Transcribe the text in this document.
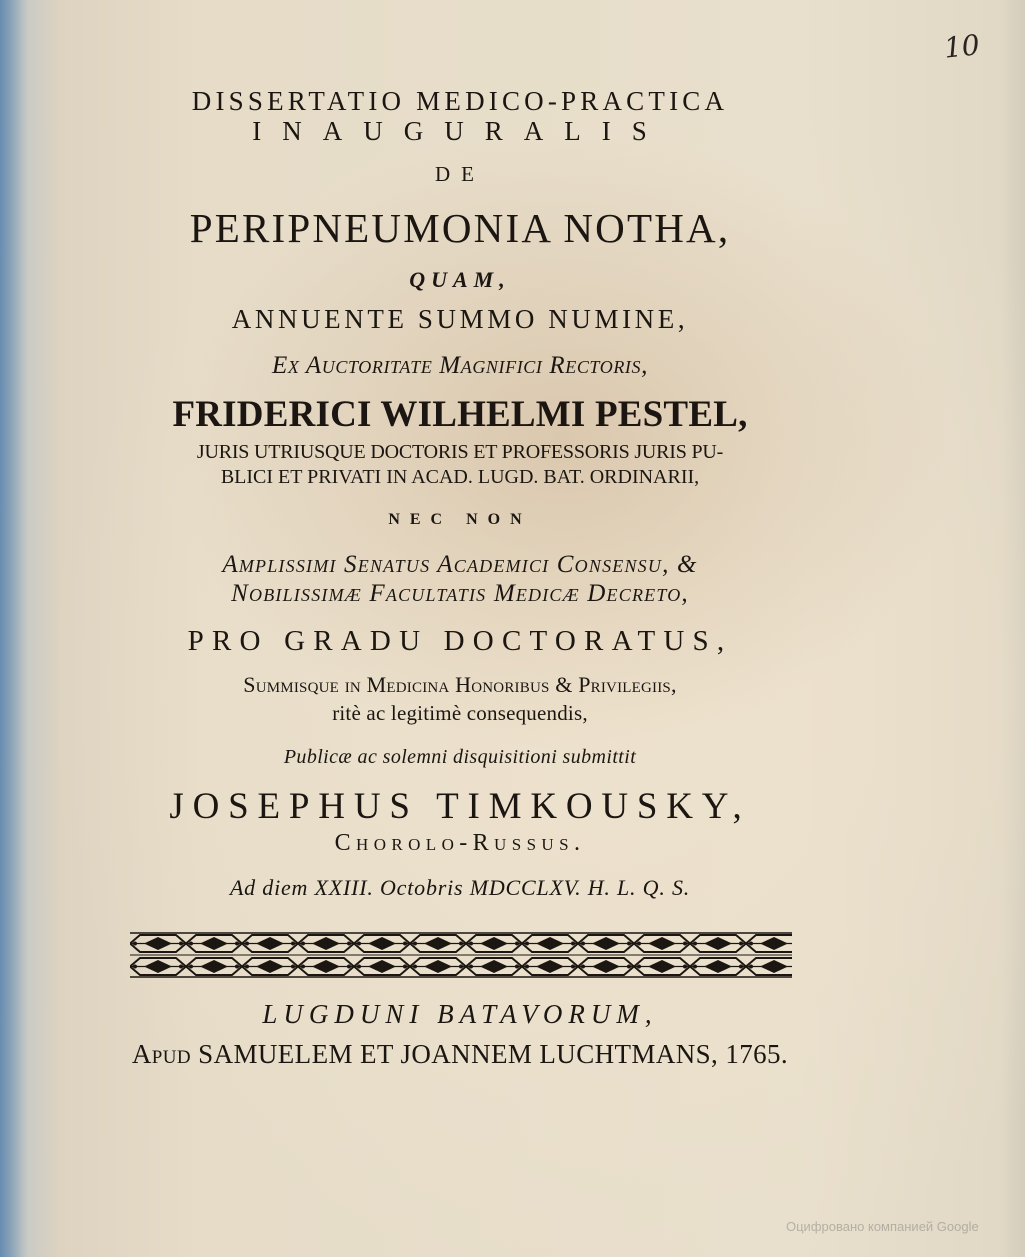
10
DISSERTATIO MEDICO-PRACTICA
INAUGURALIS
DE
PERIPNEUMONIA NOTHA,
QUAM,
ANNUENTE SUMMO NUMINE,
Ex Auctoritate Magnifici Rectoris,
FRIDERICI WILHELMI PESTEL,
JURIS UTRIUSQUE DOCTORIS ET PROFESSORIS JURIS PU-
BLICI ET PRIVATI IN ACAD. LUGD. BAT. ORDINARII,
NEC NON
Amplissimi Senatus Academici Consensu, &
Nobilissimæ Facultatis Medicæ Decreto,
PRO GRADU DOCTORATUS,
Summisque in Medicina Honoribus & Privilegiis,
ritè ac legitimè consequendis,
Publicæ ac solemni disquisitioni submittit
JOSEPHUS TIMKOUSKY,
Chorolo-Russus.
Ad diem XXIII. Octobris MDCCLXV. H. L. Q. S.
LUGDUNI BATAVORUM,
Apud SAMUELEM ET JOANNEM LUCHTMANS, 1765.
Оцифровано компанией Google
